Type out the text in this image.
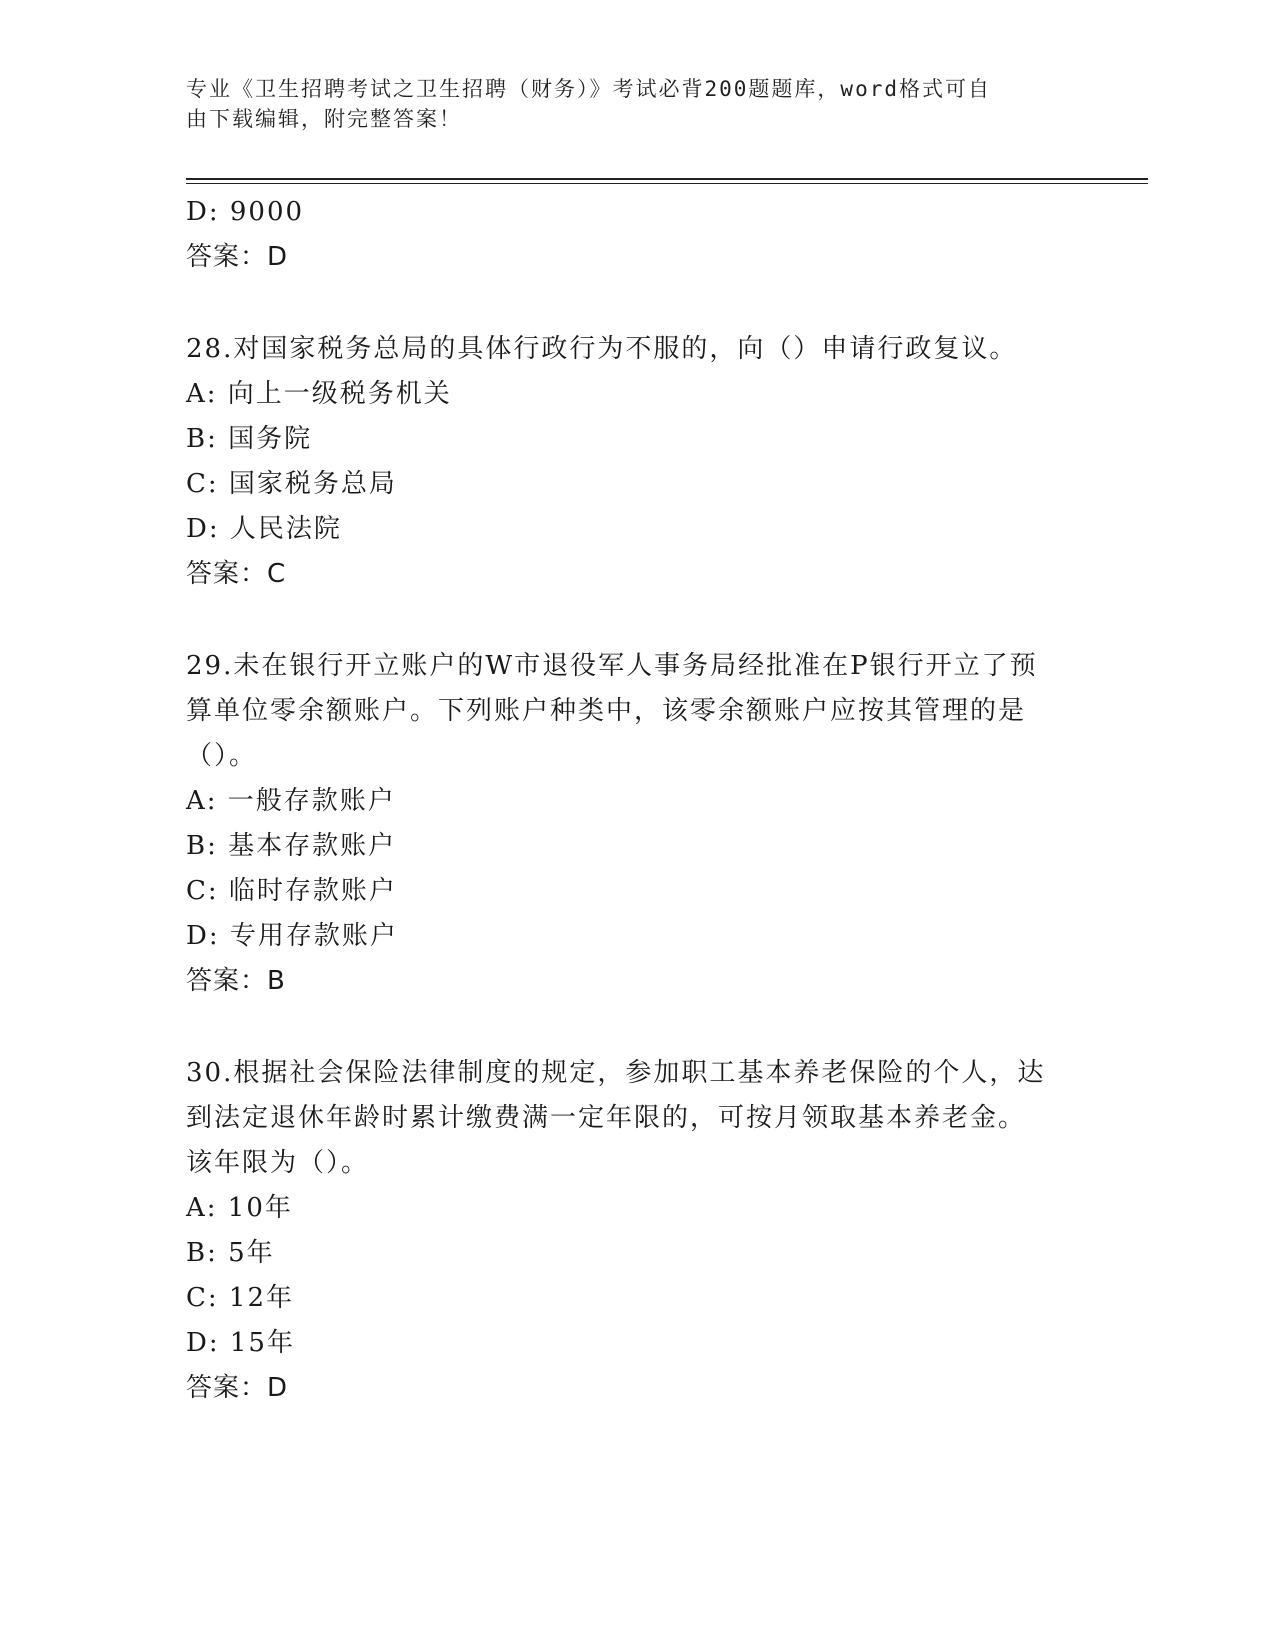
专业《卫生招聘考试之卫生招聘（财务）》考试必背200题题库，word格式可自
由下载编辑，附完整答案！
D: 9000
答案：D
28.对国家税务总局的具体行政行为不服的，向（）申请行政复议。
A: 向上一级税务机关
B: 国务院
C: 国家税务总局
D: 人民法院
答案：C
29.未在银行开立账户的W市退役军人事务局经批准在P银行开立了预
算单位零余额账户。下列账户种类中，该零余额账户应按其管理的是
（）。
A: 一般存款账户
B: 基本存款账户
C: 临时存款账户
D: 专用存款账户
答案：B
30.根据社会保险法律制度的规定，参加职工基本养老保险的个人，达
到法定退休年龄时累计缴费满一定年限的，可按月领取基本养老金。
该年限为（）。
A: 10年
B: 5年
C: 12年
D: 15年
答案：D
